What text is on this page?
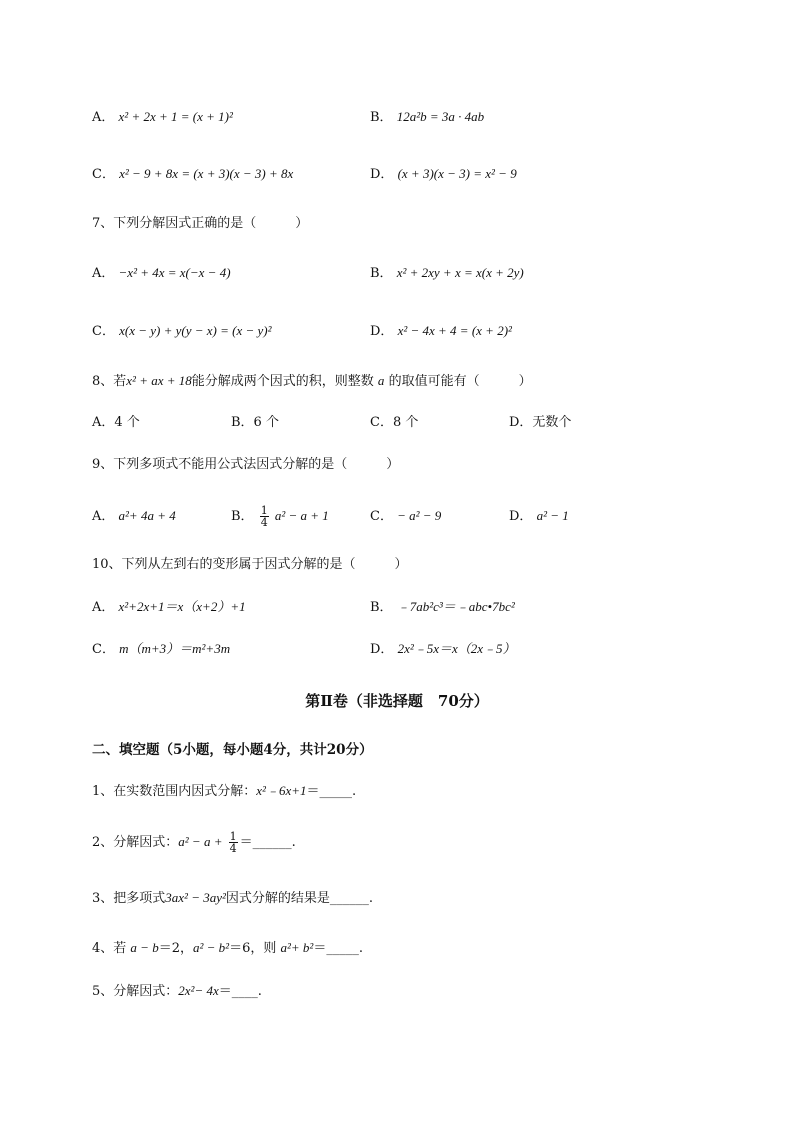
A． x² + 2x + 1 = (x + 1)²	B． 12a²b = 3a · 4ab
C． x² − 9 + 8x = (x + 3)(x − 3) + 8x	D． (x + 3)(x − 3) = x² − 9
7、下列分解因式正确的是（　　　）
A． −x² + 4x = x(−x − 4)	B． x² + 2xy + x = x(x + 2y)
C． x(x − y) + y(y − x) = (x − y)²	D． x² − 4x + 4 = (x + 2)²
8、若x² + ax + 18能分解成两个因式的积，则整数 a 的取值可能有（　　　）
A．4 个	B．6 个	C．8 个	D．无数个
9、下列多项式不能用公式法因式分解的是（　　　）
A． a²+ 4a + 4	B． $\frac{1}{4} a^2 - a + 1$	C． − a² − 9	D． a² − 1
10、下列从左到右的变形属于因式分解的是（　　　）
A． x²+2x+1＝x（x+2）+1	B． ﹣7ab²c³＝﹣abc•7bc²
C． m（m+3）＝m²+3m	D． 2x²﹣5x＝x（2x﹣5）
第Ⅱ卷（非选择题　70分）
二、填空题（5小题，每小题4分，共计20分）
1、在实数范围内因式分解：x²﹣6x+1＝_____.
2、分解因式：$a^2 - a + \frac{1}{4}$ ＝______.
3、把多项式3ax² − 3ay²因式分解的结果是______.
4、若 a − b＝2，a² − b²＝6，则 a²+ b²＝_____.
5、分解因式：2x²− 4x＝____.
